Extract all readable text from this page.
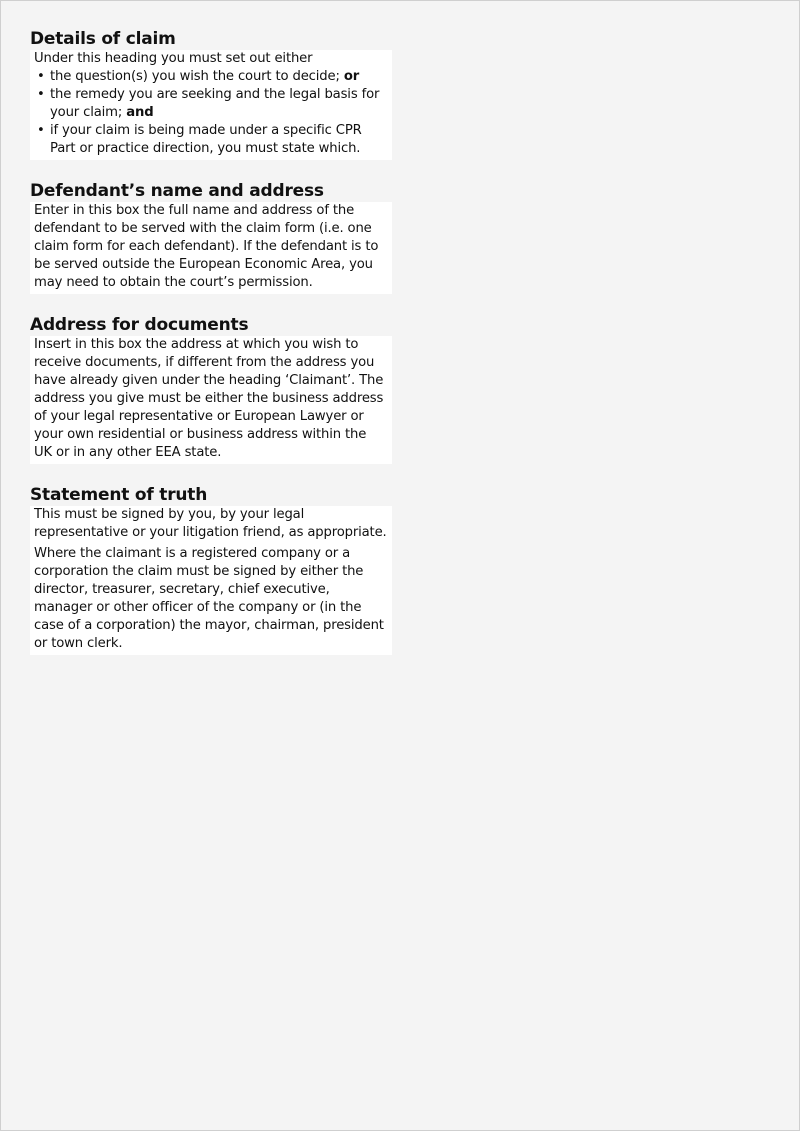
Details of claim

Under this heading you must set out either

• the question(s) you wish the court to decide; or
• the remedy you are seeking and the legal basis for your claim; and
• if your claim is being made under a specific CPR Part or practice direction, you must state which.
Defendant’s name and address

Enter in this box the full name and address of the defendant to be served with the claim form (i.e. one claim form for each defendant). If the defendant is to be served outside the European Economic Area, you may need to obtain the court’s permission.

Address for documents

Insert in this box the address at which you wish to receive documents, if different from the address you have already given under the heading ‘Claimant’. The address you give must be either the business address of your legal representative or European Lawyer or your own residential or business address within the UK or in any other EEA state.

Statement of truth

This must be signed by you, by your legal representative or your litigation friend, as appropriate.

Where the claimant is a registered company or a corporation the claim must be signed by either the director, treasurer, secretary, chief executive, manager or other officer of the company or (in the case of a corporation) the mayor, chairman, president or town clerk.
